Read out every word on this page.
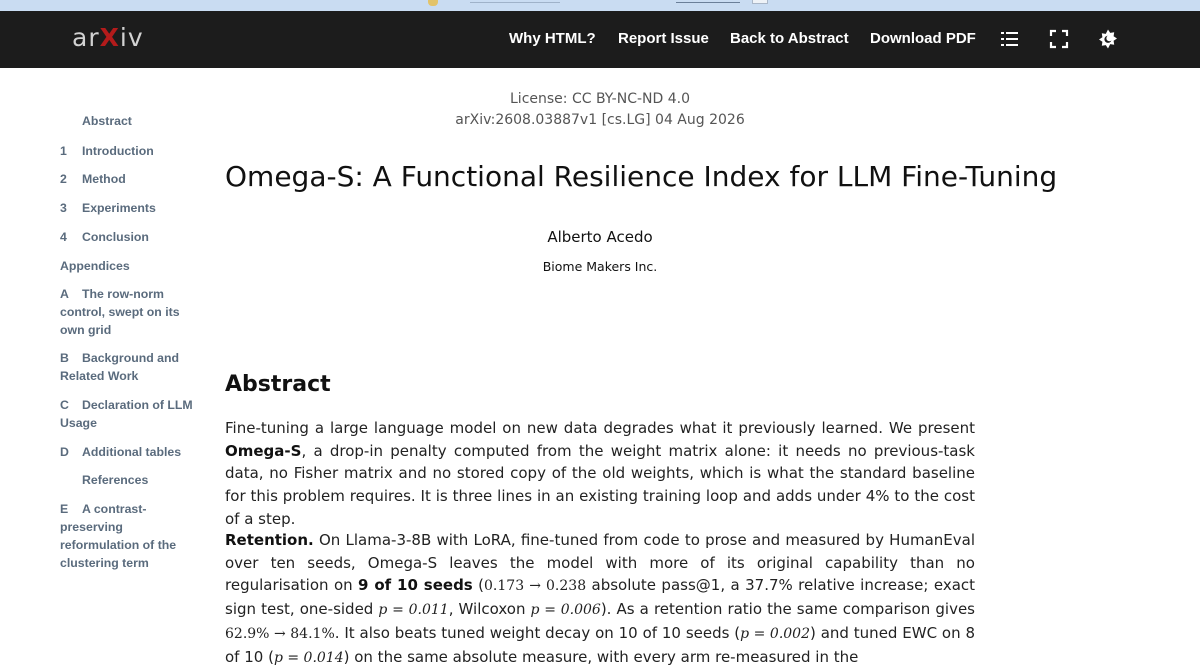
arXiv	Why HTML? Report Issue Back to Abstract Download PDF
Abstract
1	Introduction
2	Method
3	Experiments
4	Conclusion
Appendices
A	The row-norm control, swept on its own grid
B	Background and Related Work
C	Declaration of LLM Usage
D	Additional tables
References
E	A contrast-preserving reformulation of the clustering term
License: CC BY-NC-ND 4.0
arXiv:2608.03887v1 [cs.LG] 04 Aug 2026
Omega-S: A Functional Resilience Index for LLM Fine-Tuning
Alberto Acedo
Biome Makers Inc.
Abstract
Fine-tuning a large language model on new data degrades what it previously learned. We present Omega-S, a drop-in penalty computed from the weight matrix alone: it needs no previous-task data, no Fisher matrix and no stored copy of the old weights, which is what the standard baseline for this problem requires. It is three lines in an existing training loop and adds under 4% to the cost of a step.
Retention. On Llama-3-8B with LoRA, fine-tuned from code to prose and measured by HumanEval over ten seeds, Omega-S leaves the model with more of its original capability than no regularisation on 9 of 10 seeds (0.173 → 0.238 absolute pass@1, a 37.7% relative increase; exact sign test, one-sided p = 0.011, Wilcoxon p = 0.006). As a retention ratio the same comparison gives 62.9% → 84.1%. It also beats tuned weight decay on 10 of 10 seeds (p = 0.002) and tuned EWC on 8 of 10 (p = 0.014) on the same absolute measure, with every arm re-measured in the
